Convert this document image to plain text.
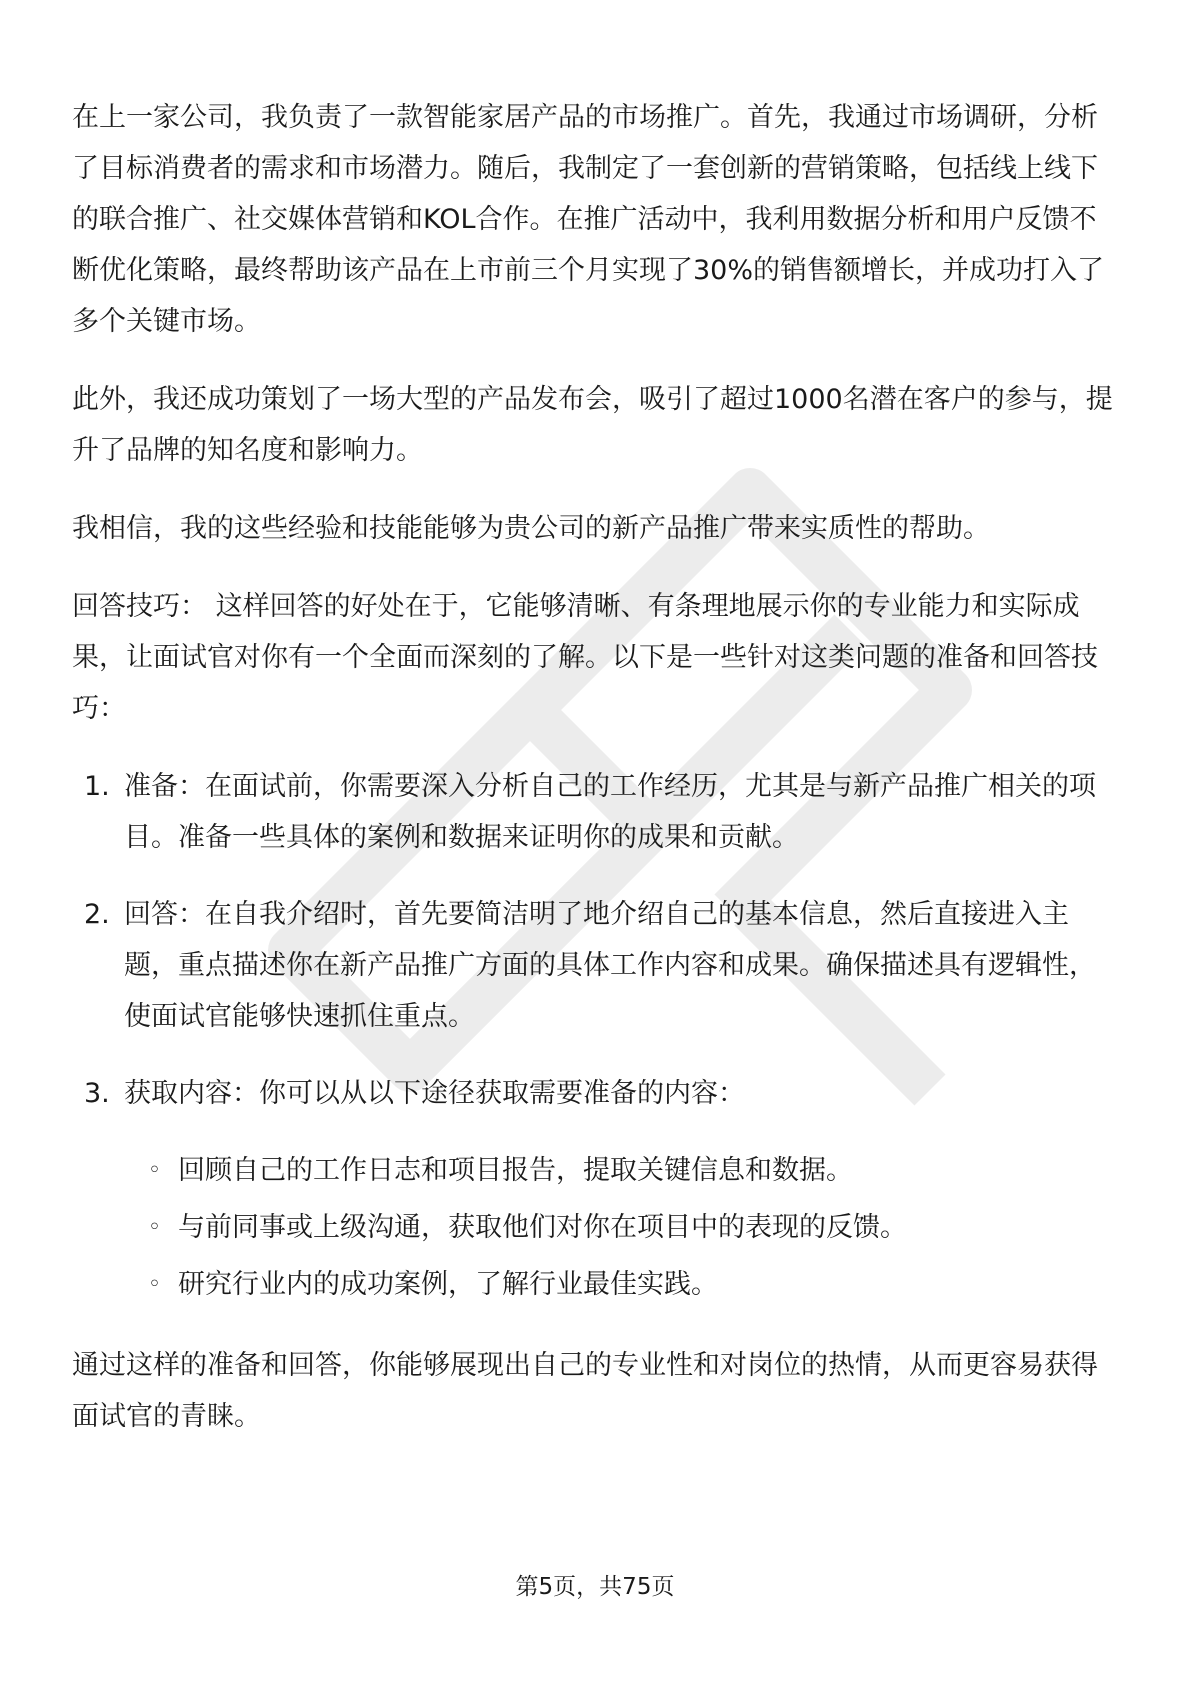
在上一家公司，我负责了一款智能家居产品的市场推广。首先，我通过市场调研，分析了目标消费者的需求和市场潜力。随后，我制定了一套创新的营销策略，包括线上线下的联合推广、社交媒体营销和KOL合作。在推广活动中，我利用数据分析和用户反馈不断优化策略，最终帮助该产品在上市前三个月实现了30%的销售额增长，并成功打入了多个关键市场。

此外，我还成功策划了一场大型的产品发布会，吸引了超过1000名潜在客户的参与，提升了品牌的知名度和影响力。

我相信，我的这些经验和技能能够为贵公司的新产品推广带来实质性的帮助。

回答技巧： 这样回答的好处在于，它能够清晰、有条理地展示你的专业能力和实际成果，让面试官对你有一个全面而深刻的了解。以下是一些针对这类问题的准备和回答技巧：

1. 准备：在面试前，你需要深入分析自己的工作经历，尤其是与新产品推广相关的项目。准备一些具体的案例和数据来证明你的成果和贡献。
2. 回答：在自我介绍时，首先要简洁明了地介绍自己的基本信息，然后直接进入主题，重点描述你在新产品推广方面的具体工作内容和成果。确保描述具有逻辑性，使面试官能够快速抓住重点。
3. 获取内容：你可以从以下途径获取需要准备的内容：
◦ 回顾自己的工作日志和项目报告，提取关键信息和数据。
◦ 与前同事或上级沟通，获取他们对你在项目中的表现的反馈。
◦ 研究行业内的成功案例，了解行业最佳实践。

通过这样的准备和回答，你能够展现出自己的专业性和对岗位的热情，从而更容易获得面试官的青睐。

第5页，共75页
